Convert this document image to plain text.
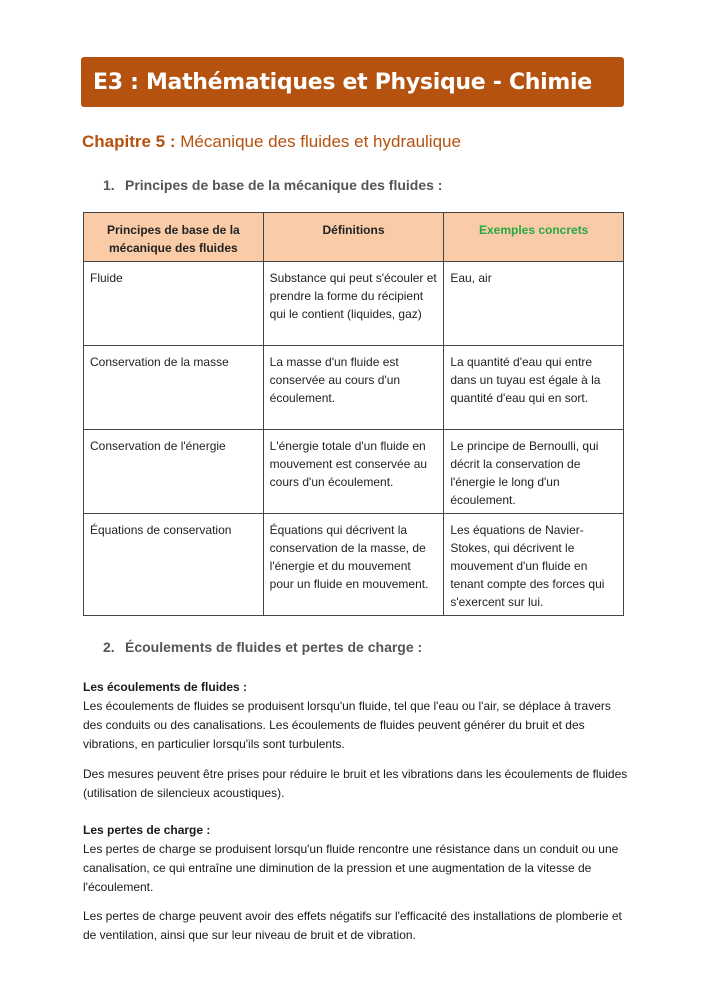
E3 : Mathématiques et Physique - Chimie
Chapitre 5 : Mécanique des fluides et hydraulique
1. Principes de base de la mécanique des fluides :
Principes de base de la mécanique des fluides	Définitions	Exemples concrets
Fluide	Substance qui peut s'écouler et prendre la forme du récipient qui le contient (liquides, gaz)	Eau, air
Conservation de la masse	La masse d'un fluide est conservée au cours d'un écoulement.	La quantité d'eau qui entre dans un tuyau est égale à la quantité d'eau qui en sort.
Conservation de l'énergie	L'énergie totale d'un fluide en mouvement est conservée au cours d'un écoulement.	Le principe de Bernoulli, qui décrit la conservation de l'énergie le long d'un écoulement.
Équations de conservation	Équations qui décrivent la conservation de la masse, de l'énergie et du mouvement pour un fluide en mouvement.	Les équations de Navier-Stokes, qui décrivent le mouvement d'un fluide en tenant compte des forces qui s'exercent sur lui.
2. Écoulements de fluides et pertes de charge :
Les écoulements de fluides :
Les écoulements de fluides se produisent lorsqu'un fluide, tel que l'eau ou l'air, se déplace à travers des conduits ou des canalisations. Les écoulements de fluides peuvent générer du bruit et des vibrations, en particulier lorsqu'ils sont turbulents.
Des mesures peuvent être prises pour réduire le bruit et les vibrations dans les écoulements de fluides (utilisation de silencieux acoustiques).
Les pertes de charge :
Les pertes de charge se produisent lorsqu'un fluide rencontre une résistance dans un conduit ou une canalisation, ce qui entraîne une diminution de la pression et une augmentation de la vitesse de l'écoulement.
Les pertes de charge peuvent avoir des effets négatifs sur l'efficacité des installations de plomberie et de ventilation, ainsi que sur leur niveau de bruit et de vibration.
